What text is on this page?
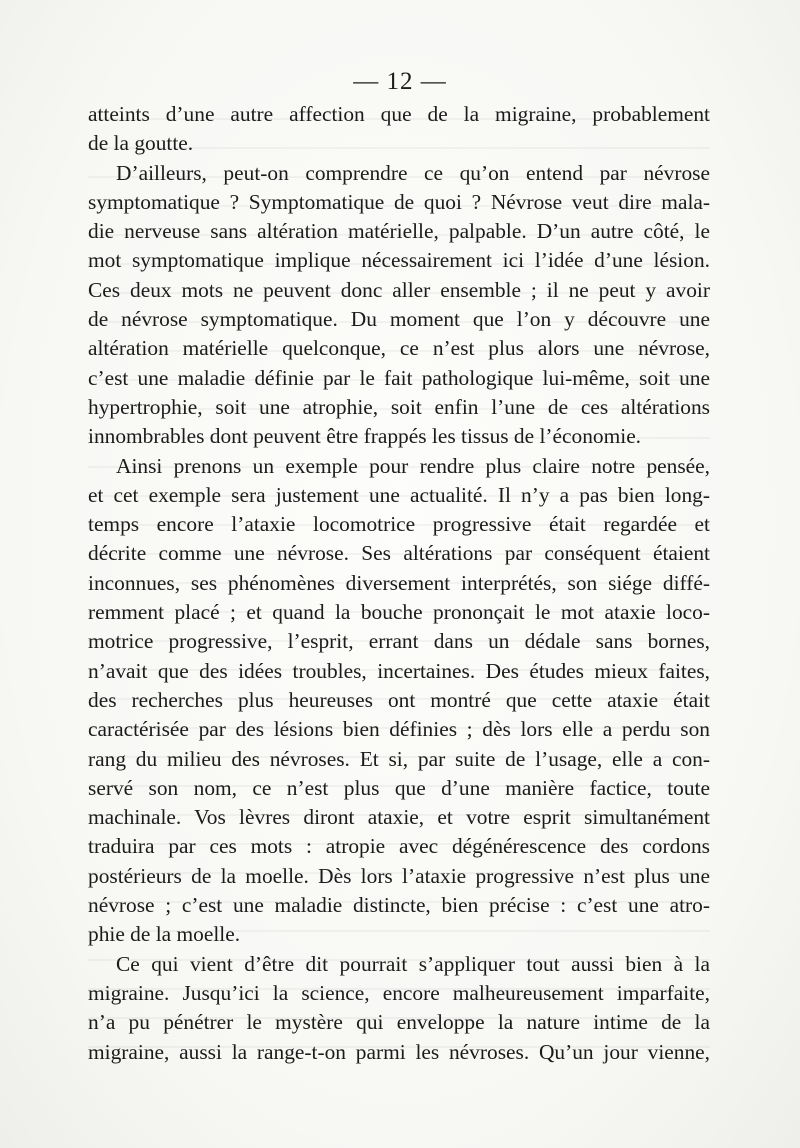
— 12 —
atteints d’une autre affection que de la migraine, probablement
de la goutte.
D’ailleurs, peut-on comprendre ce qu’on entend par névrose
symptomatique ? Symptomatique de quoi ? Névrose veut dire mala-
die nerveuse sans altération matérielle, palpable. D’un autre côté, le
mot symptomatique implique nécessairement ici l’idée d’une lésion.
Ces deux mots ne peuvent donc aller ensemble ; il ne peut y avoir
de névrose symptomatique. Du moment que l’on y découvre une
altération matérielle quelconque, ce n’est plus alors une névrose,
c’est une maladie définie par le fait pathologique lui-même, soit une
hypertrophie, soit une atrophie, soit enfin l’une de ces altérations
innombrables dont peuvent être frappés les tissus de l’économie.
Ainsi prenons un exemple pour rendre plus claire notre pensée,
et cet exemple sera justement une actualité. Il n’y a pas bien long-
temps encore l’ataxie locomotrice progressive était regardée et
décrite comme une névrose. Ses altérations par conséquent étaient
inconnues, ses phénomènes diversement interprétés, son siége diffé-
remment placé ; et quand la bouche prononçait le mot ataxie loco-
motrice progressive, l’esprit, errant dans un dédale sans bornes,
n’avait que des idées troubles, incertaines. Des études mieux faites,
des recherches plus heureuses ont montré que cette ataxie était
caractérisée par des lésions bien définies ; dès lors elle a perdu son
rang du milieu des névroses. Et si, par suite de l’usage, elle a con-
servé son nom, ce n’est plus que d’une manière factice, toute
machinale. Vos lèvres diront ataxie, et votre esprit simultanément
traduira par ces mots : atropie avec dégénérescence des cordons
postérieurs de la moelle. Dès lors l’ataxie progressive n’est plus une
névrose ; c’est une maladie distincte, bien précise : c’est une atro-
phie de la moelle.
Ce qui vient d’être dit pourrait s’appliquer tout aussi bien à la
migraine. Jusqu’ici la science, encore malheureusement imparfaite,
n’a pu pénétrer le mystère qui enveloppe la nature intime de la
migraine, aussi la range-t-on parmi les névroses. Qu’un jour vienne,
